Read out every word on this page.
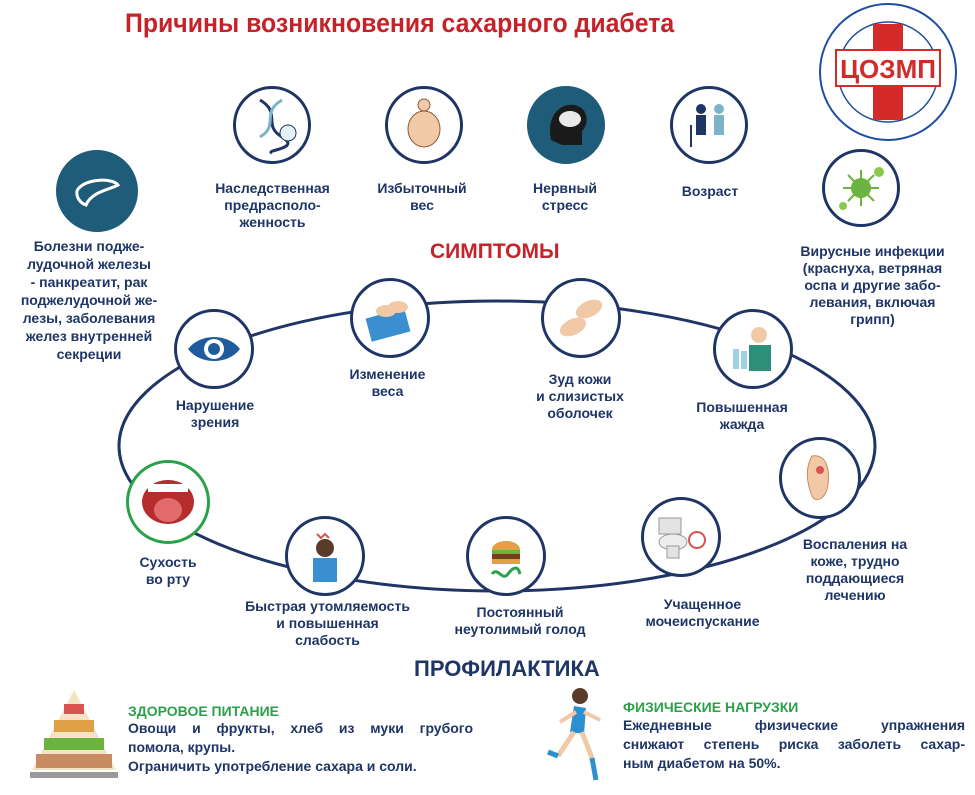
Причины возникновения сахарного диабета
ЦОЗМП
Наследственная
предрасполо-
женность
Избыточный
вес
Нервный
стресс
Возраст
Болезни подже-
лудочной железы
- панкреатит, рак
поджелудочной же-
лезы, заболевания
желез внутренней
секреции
Вирусные инфекции
(краснуха, ветряная
оспа и другие забо-
левания, включая
грипп)
СИМПТОМЫ
Нарушение
зрения
Изменение
веса
Зуд кожи
и слизистых
оболочек	Повышенная
жажда
Воспаления на
коже, трудно
поддающиеся
лечению
Учащенное
мочеиспускание
Постоянный
неутолимый голод
Быстрая утомляемость
и повышенная
слабость
Сухость
во рту
ПРОФИЛАКТИКА
ЗДОРОВОЕ ПИТАНИЕ
Овощи и фрукты, хлеб из муки грубого
помола, крупы.
Ограничить употребление сахара и соли.
ФИЗИЧЕСКИЕ НАГРУЗКИ
Ежедневные физические упражнения
снижают степень риска заболеть сахар-
ным диабетом на 50%.
